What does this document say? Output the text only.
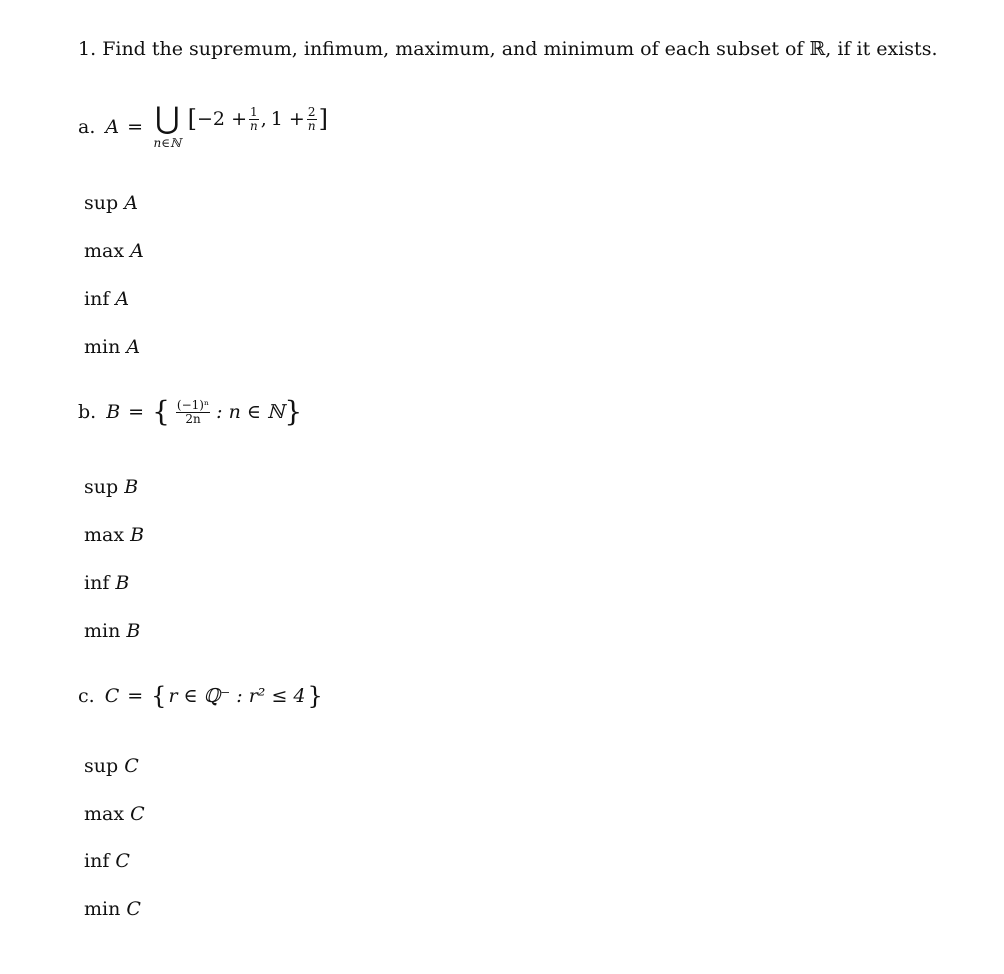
1. Find the supremum, infimum, maximum, and minimum of each subset of ℝ, if it exists.
a. A = ⋃
n∈ℕ
[ $-2 + \frac{1}{n}$ , $1 + \frac{2}{n}$ ]
sup A
max A
inf A
min A
b. B = { $\frac{\text{(−1)ⁿ}}{2n}$ : n ∈ ℕ }
sup B
max B
inf B
min B
c. C = { r ∈ ℚ⁻ : r² ≤ 4 }
sup C
max C
inf C
min C
